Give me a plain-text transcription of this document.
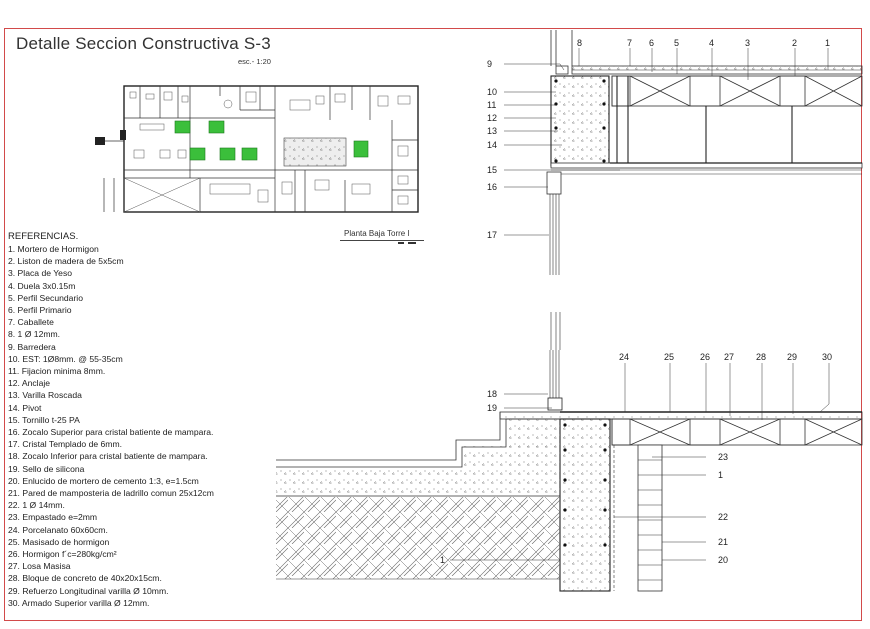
Detalle Seccion Constructiva S-3
esc.- 1:20
8	7 6 5	4	3	2	1
9
10
11
12
13
14
15
16
17
24	25	26 27 28 29	30
18
19
23
1
22
21
20
1
Planta Baja Torre I
REFERENCIAS.
1. Mortero de Hormigon
2. Liston de madera de 5x5cm
3. Placa de Yeso
4. Duela 3x0.15m
5. Perfil Secundario
6. Perfil Primario
7. Caballete
8. 1 Ø 12mm.
9. Barredera
10. EST: 1Ø8mm. @ 55-35cm
11. Fijacion minima 8mm.
12. Anclaje
13. Varilla Roscada
14. Pivot
15. Tornillo t-25 PA
16. Zocalo Superior para cristal batiente de mampara.
17. Cristal Templado de 6mm.
18. Zocalo Inferior para cristal batiente de mampara.
19. Sello de silicona
20. Enlucido de mortero de cemento 1:3, e=1.5cm
21. Pared de mamposteria de ladrillo comun 25x12cm
22. 1 Ø 14mm.
23. Empastado e=2mm
24. Porcelanato 60x60cm.
25. Masisado de hormigon
26. Hormigon f´c=280kg/cm²
27. Losa Masisa
28. Bloque de concreto de 40x20x15cm.
29. Refuerzo Longitudinal varilla Ø 10mm.
30. Armado Superior varilla Ø 12mm.
